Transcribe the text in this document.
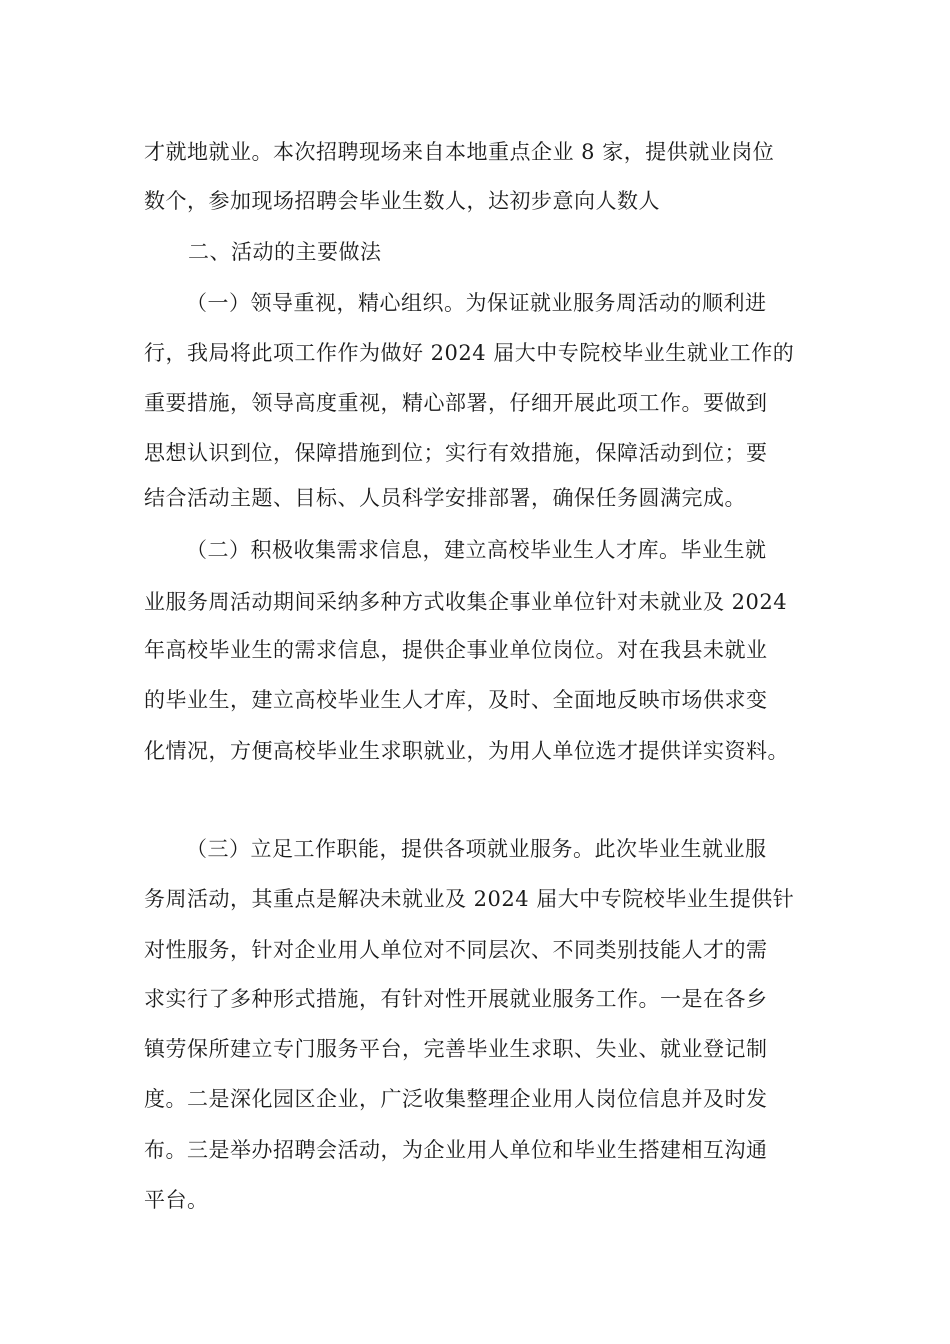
才就地就业。本次招聘现场来自本地重点企业 8 家，提供就业岗位
数个，参加现场招聘会毕业生数人，达初步意向人数人
二、活动的主要做法
（一）领导重视，精心组织。为保证就业服务周活动的顺利进
行，我局将此项工作作为做好 2024 届大中专院校毕业生就业工作的
重要措施，领导高度重视，精心部署，仔细开展此项工作。要做到
思想认识到位，保障措施到位；实行有效措施，保障活动到位；要
结合活动主题、目标、人员科学安排部署，确保任务圆满完成。
（二）积极收集需求信息，建立高校毕业生人才库。毕业生就
业服务周活动期间采纳多种方式收集企事业单位针对未就业及 2024
年高校毕业生的需求信息，提供企事业单位岗位。对在我县未就业
的毕业生，建立高校毕业生人才库，及时、全面地反映市场供求变
化情况，方便高校毕业生求职就业，为用人单位选才提供详实资料。
（三）立足工作职能，提供各项就业服务。此次毕业生就业服
务周活动，其重点是解决未就业及 2024 届大中专院校毕业生提供针
对性服务，针对企业用人单位对不同层次、不同类别技能人才的需
求实行了多种形式措施，有针对性开展就业服务工作。一是在各乡
镇劳保所建立专门服务平台，完善毕业生求职、失业、就业登记制
度。二是深化园区企业，广泛收集整理企业用人岗位信息并及时发
布。三是举办招聘会活动，为企业用人单位和毕业生搭建相互沟通
平台。
